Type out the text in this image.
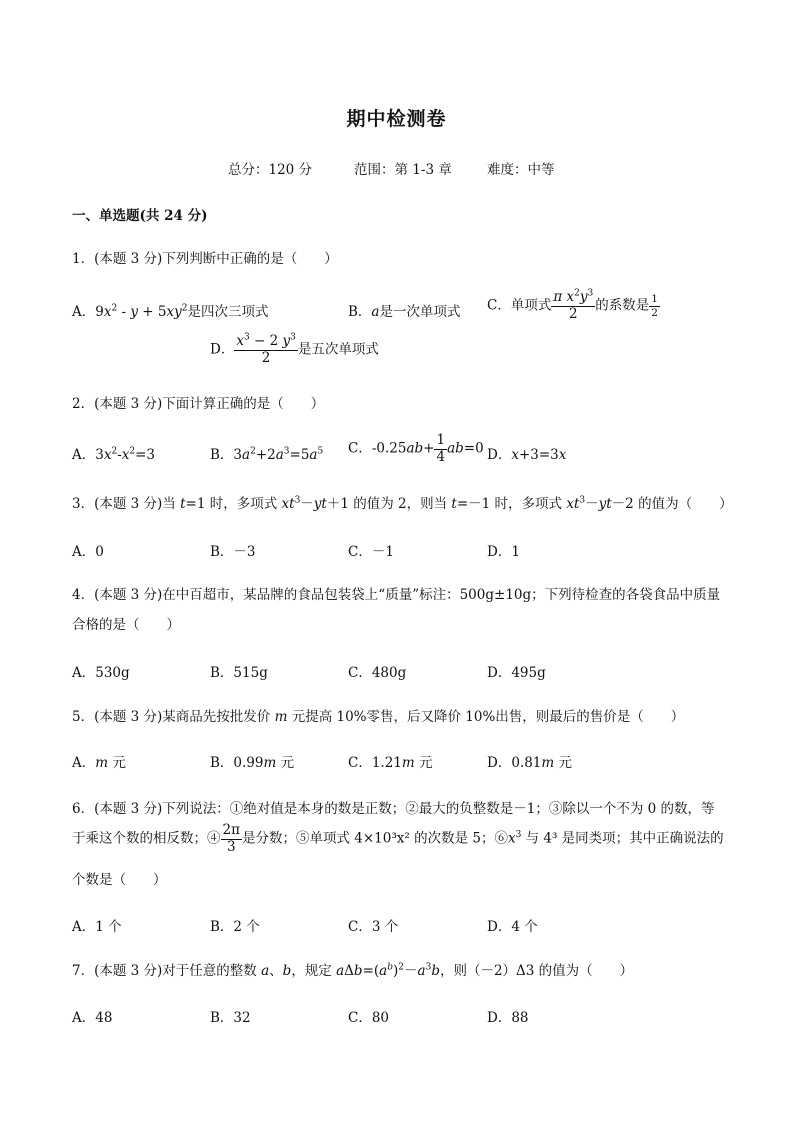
期中检测卷
总分：120 分	范围：第 1-3 章	难度：中等
一、单选题(共 24 分)
1．(本题 3 分)下列判断中正确的是（　　）
A．$9x^2 - y + 5xy^2$是四次三项式	B．a是一次单项式 C．单项式 $\frac{\pi x^2y^3}{2}$ 的系数是 $\frac{1}{2}$
D． $\frac{x^3 - 2 y^3}{2}$ 是五次单项式
2．(本题 3 分)下面计算正确的是（　　）
A．$3x^2-x^2=3$	B．$3a^2+2a^3=5a^5$ C．$-0.25ab+ \frac{1}{4} ab=0$ D．x+3=3x
3．(本题 3 分)当 t=1 时，多项式 $xt^3-yt+1$ 的值为 2，则当 t=－1 时，多项式 $xt^3-yt-2$ 的值为（　　）
A．0	B．－3	C．－1	D．1
4．(本题 3 分)在中百超市，某品牌的食品包装袋上“质量”标注：500g±10g；下列待检查的各袋食品中质量
合格的是（　　）
A．530g	B．515g	C．480g	D．495g
5．(本题 3 分)某商品先按批发价 m 元提高 10%零售，后又降价 10%出售，则最后的售价是（　　）
A．m 元	B．0.99m 元	C．1.21m 元	D．0.81m 元
6．(本题 3 分)下列说法：①绝对值是本身的数是正数；②最大的负整数是－1；③除以一个不为 0 的数，等
于乘这个数的相反数；④ $\frac{2\pi}{3}$ 是分数；⑤单项式 4×10³x² 的次数是 5；$⑥x^3$ 与 4³ 是同类项；其中正确说法的
个数是（　　）
A．1 个	B．2 个	C．3 个	D．4 个
7．(本题 3 分)对于任意的整数 a、b，规定 $a\Delta b=(a^b)^2-a^3b$，则（－2）Δ3 的值为（　　）
A．48	B．32	C．80	D．88
